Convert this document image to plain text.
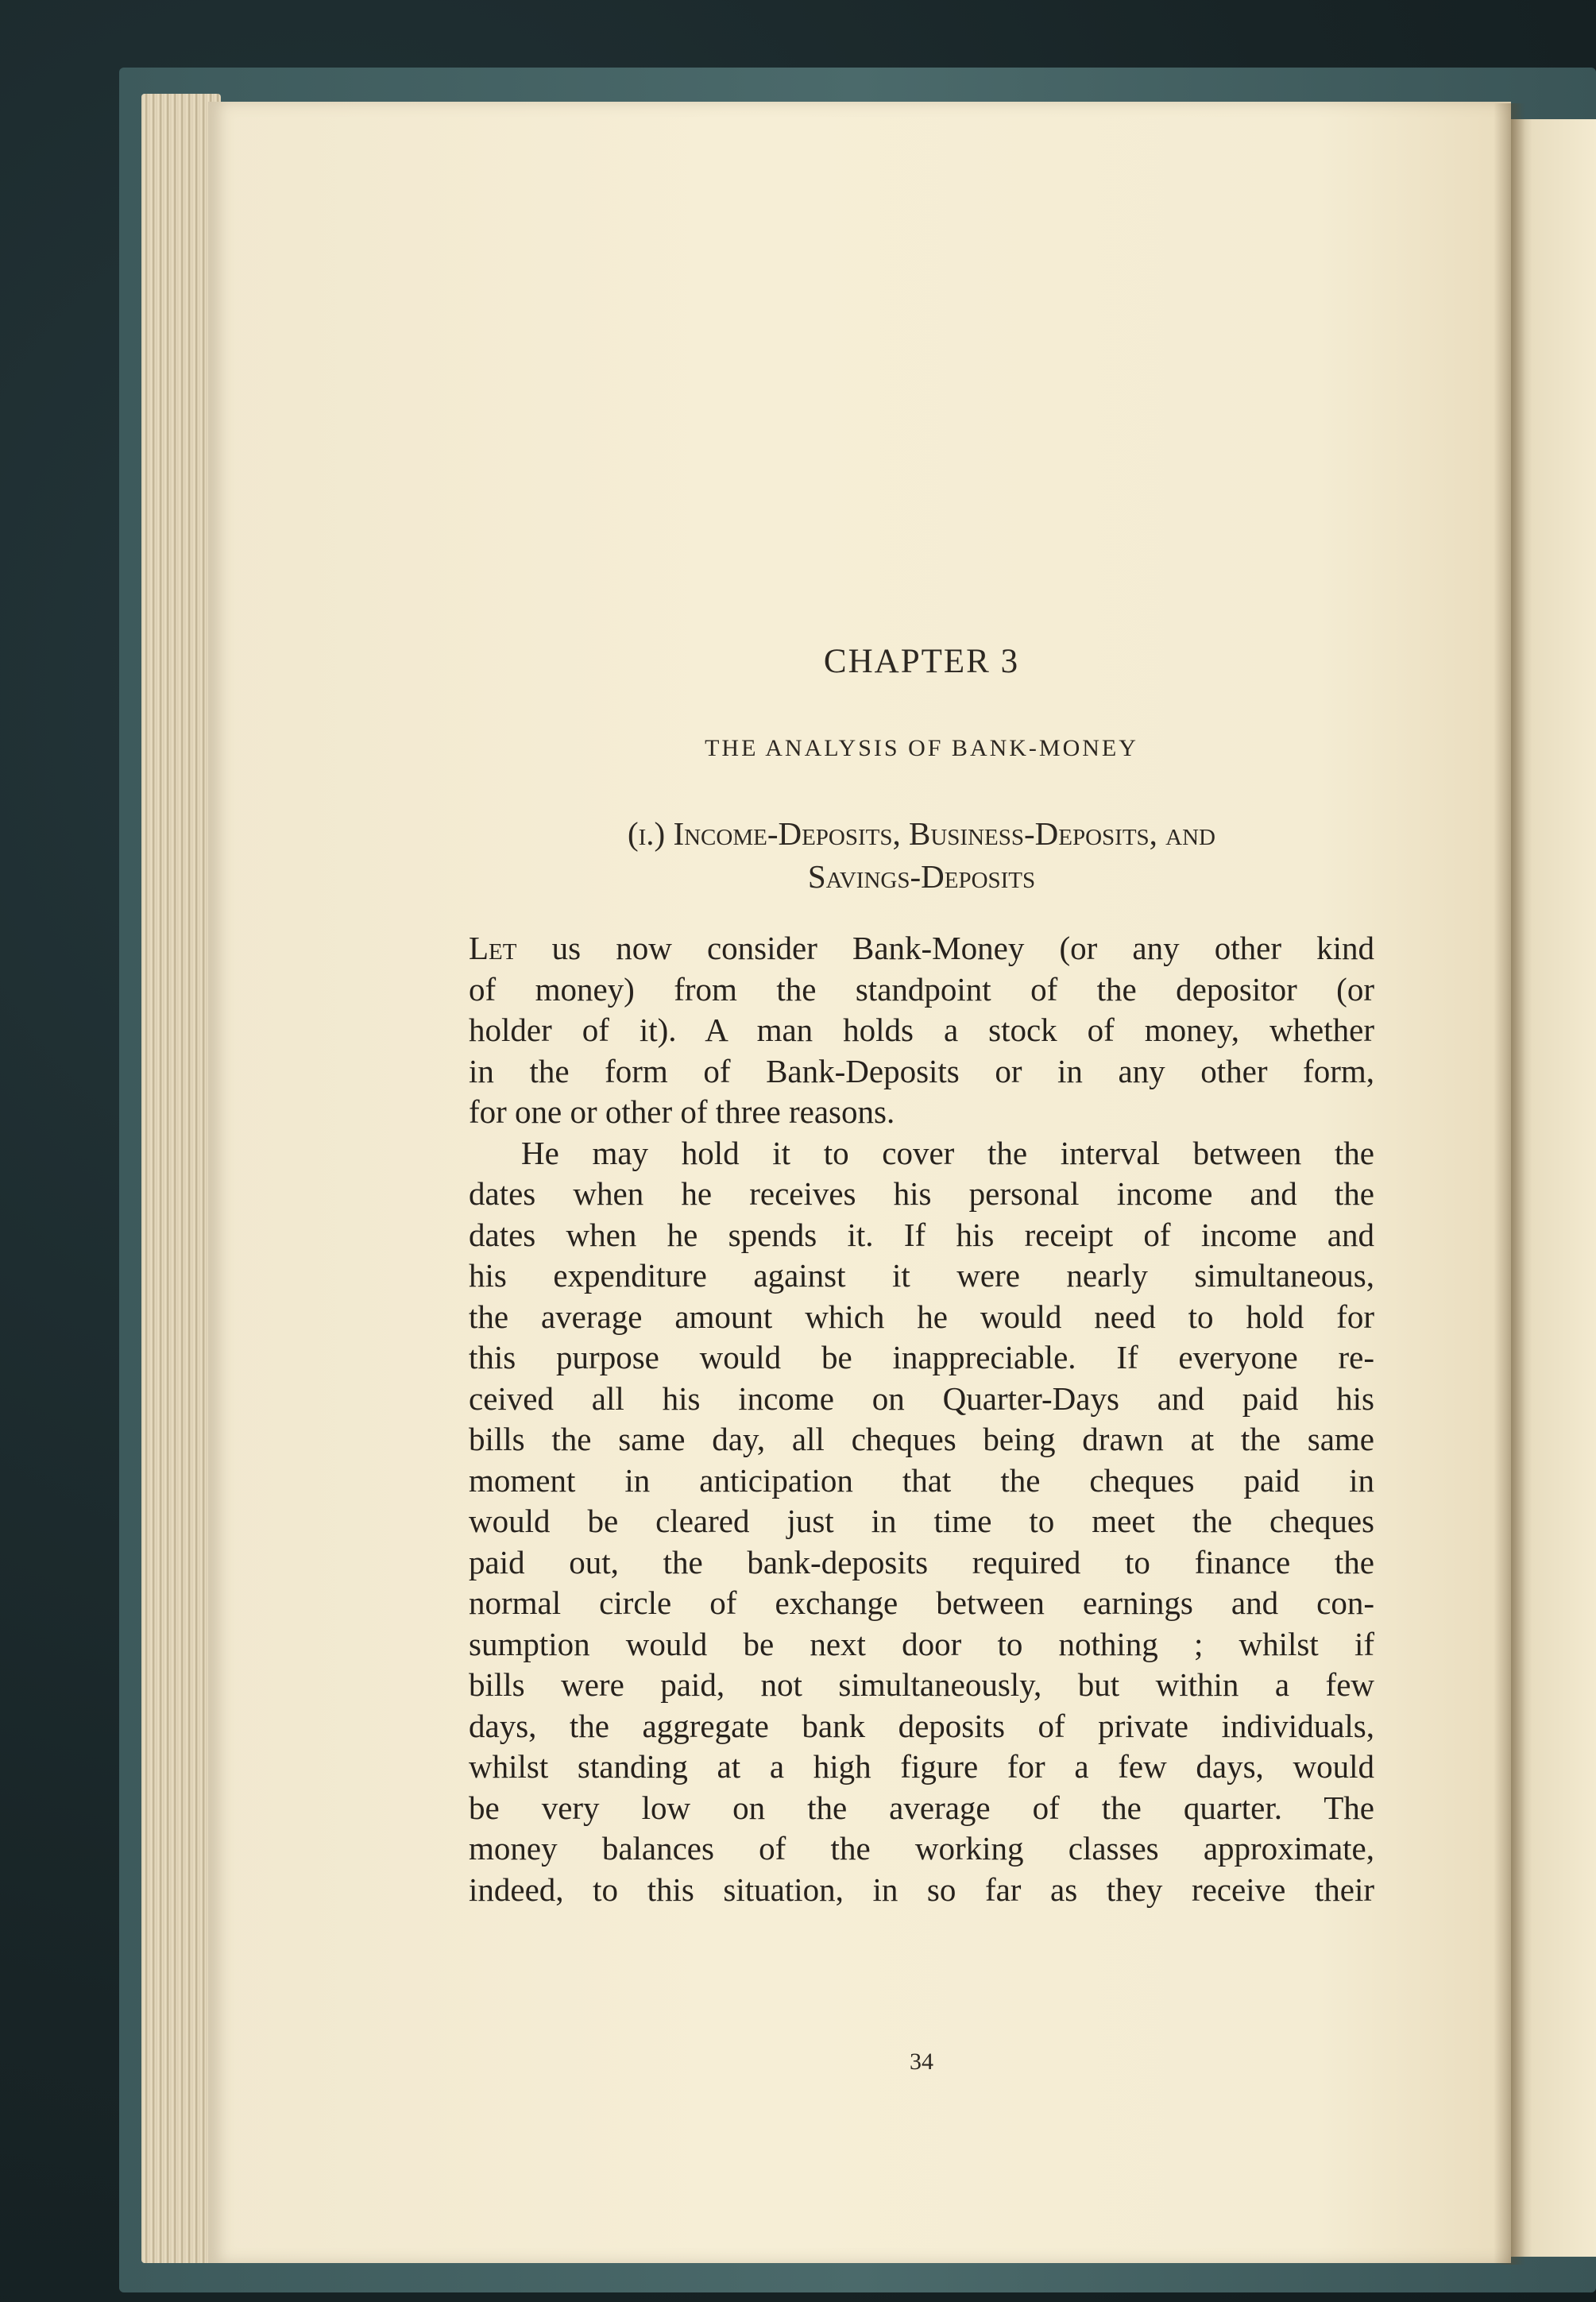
CHAPTER 3
THE ANALYSIS OF BANK-MONEY
(i.) Income-Deposits, Business-Deposits, and
Savings-Deposits
Let us now consider Bank-Money (or any other kind
of money) from the standpoint of the depositor (or
holder of it). A man holds a stock of money, whether
in the form of Bank-Deposits or in any other form,
for one or other of three reasons.
He may hold it to cover the interval between the
dates when he receives his personal income and the
dates when he spends it. If his receipt of income and
his expenditure against it were nearly simultaneous,
the average amount which he would need to hold for
this purpose would be inappreciable. If everyone re-
ceived all his income on Quarter-Days and paid his
bills the same day, all cheques being drawn at the same
moment in anticipation that the cheques paid in
would be cleared just in time to meet the cheques
paid out, the bank-deposits required to finance the
normal circle of exchange between earnings and con-
sumption would be next door to nothing ; whilst if
bills were paid, not simultaneously, but within a few
days, the aggregate bank deposits of private individuals,
whilst standing at a high figure for a few days, would
be very low on the average of the quarter. The
money balances of the working classes approximate,
indeed, to this situation, in so far as they receive their
34
